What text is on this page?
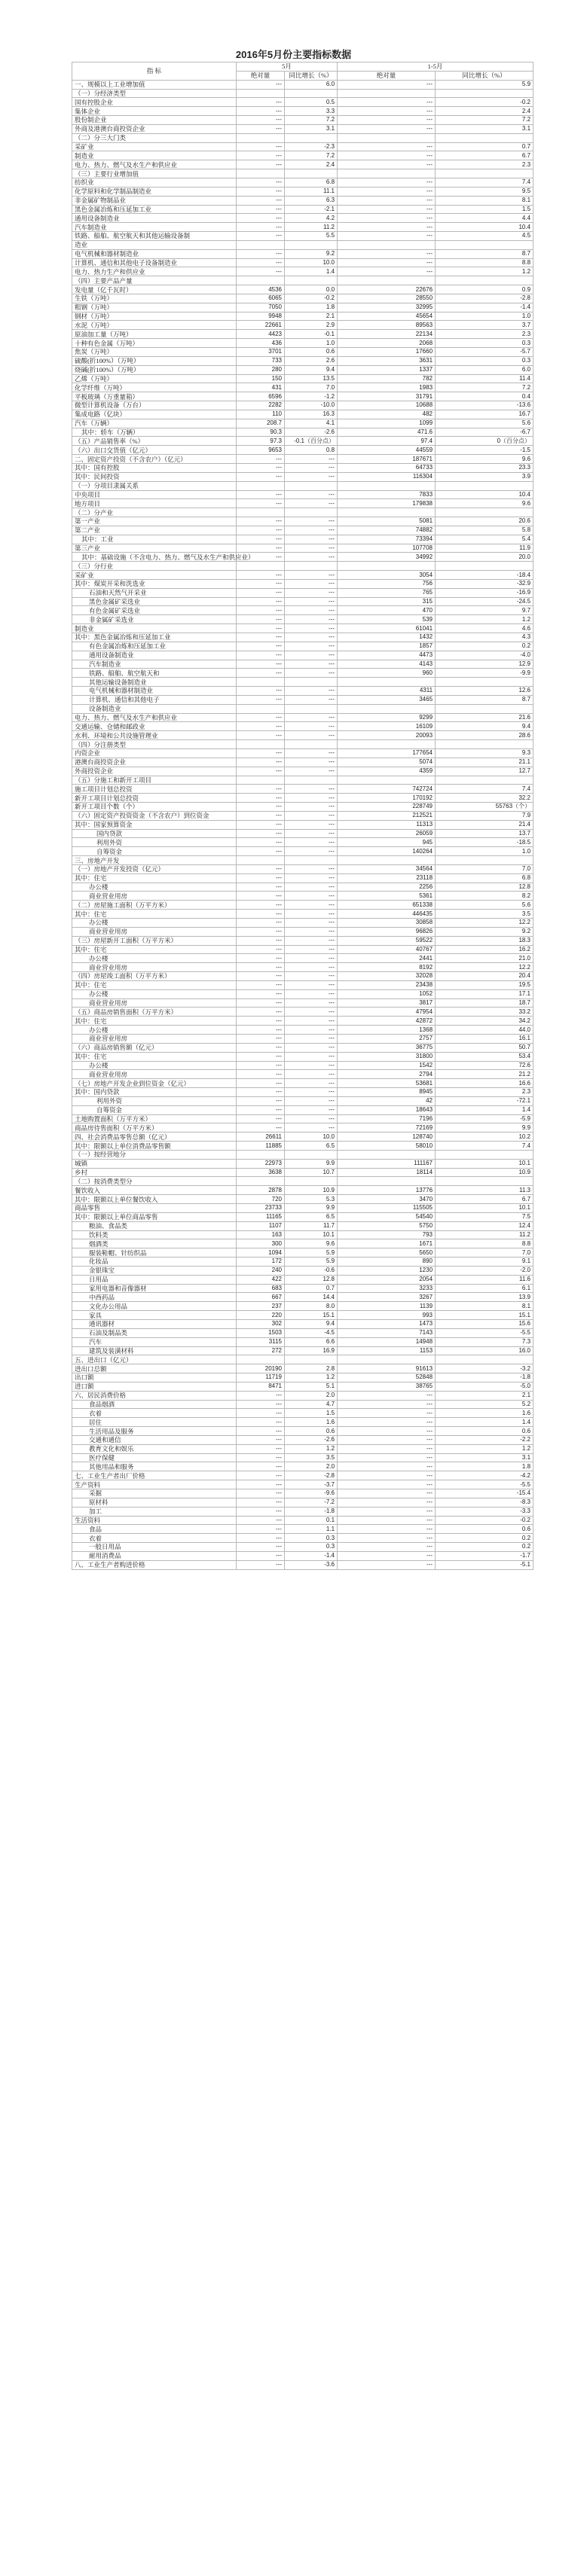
2016年5月份主要指标数据
指 标	5月		1-5月	
	绝对量	同比增长（%）	绝对量	同比增长（%）
一、规模以上工业增加值	---	6.0	---	5.9
（一）分经济类型				
国有控股企业	---	0.5	---	-0.2
集体企业	---	3.3	---	2.4
股份制企业	---	7.2	---	7.2
外商及港澳台商投资企业	---	3.1	---	3.1
（二）分三大门类				
采矿业	---	-2.3	---	0.7
制造业	---	7.2	---	6.7
电力、热力、燃气及水生产和供应业	---	2.4	---	2.3
（三）主要行业增加值				
纺织业	---	6.8	---	7.4
化学原料和化学制品制造业	---	11.1	---	9.5
非金属矿物制品业	---	6.3	---	8.1
黑色金属冶炼和压延加工业	---	-2.1	---	1.5
通用设备制造业	---	4.2	---	4.4
汽车制造业	---	11.2	---	10.4
铁路、船舶、航空航天和其他运输设备制	---	5.5	---	4.5
造业				
电气机械和器材制造业	---	9.2	---	8.7
计算机、通信和其他电子设备制造业	---	10.0	---	8.8
电力、热力生产和供应业	---	1.4	---	1.2
（四）主要产品产量				
发电量（亿千瓦时）	4536	0.0	22676	0.9
生铁（万吨）	6065	-0.2	28550	-2.8
粗钢（万吨）	7050	1.8	32995	-1.4
钢材（万吨）	9948	2.1	45654	1.0
水泥（万吨）	22661	2.9	89563	3.7
原油加工量（万吨）	4423	-0.1	22134	2.3
十种有色金属（万吨）	436	1.0	2068	0.3
焦炭（万吨）	3701	0.6	17660	-5.7
硫酸(折100%）（万吨）	733	2.6	3631	0.3
烧碱(折100%）（万吨）	280	9.4	1337	6.0
乙烯（万吨）	150	13.5	782	11.4
化学纤维（万吨）	431	7.0	1983	7.2
平板玻璃（万重量箱）	6596	-1.2	31791	0.4
微型计算机设备（万台）	2282	-10.0	10688	-13.6
集成电路（亿块）	110	16.3	482	16.7
汽车（万辆）	208.7	4.1	1099	5.6
其中：轿车（万辆）	90.3	-2.6	471.6	-6.7
（五）产品销售率（%）	97.3	-0.1（百分点）	97.4	0（百分点）
（六）出口交货值（亿元）	9653	0.8	44559	-1.5
二、固定资产投资（不含农户）（亿元）	---	---	187671	9.6
其中：国有控股	---	---	64733	23.3
其中：民间投资	---	---	116304	3.9
（一）分项目隶属关系				
中央项目	---	---	7833	10.4
地方项目	---	---	179838	9.6
（二）分产业				
第一产业	---	---	5081	20.6
第二产业	---	---	74882	5.8
其中：工业	---	---	73394	5.4
第三产业	---	---	107708	11.9
其中：基础设施（不含电力、热力、燃气及水生产和供应业）	---	---	34992	20.0
（三）分行业				
采矿业	---	---	3054	-18.4
其中：煤炭开采和洗选业	---	---	756	-32.9
石油和天然气开采业	---	---	765	-16.9
黑色金属矿采选业	---	---	315	-24.5
有色金属矿采选业	---	---	470	9.7
非金属矿采选业	---	---	539	1.2
制造业	---	---	61041	4.6
其中：黑色金属冶炼和压延加工业	---	---	1432	4.3
有色金属冶炼和压延加工业	---	---	1857	0.2
通用设备制造业	---	---	4473	-4.0
汽车制造业	---	---	4143	12.9
铁路、船舶、航空航天和	---	---	960	-9.9
其他运输设备制造业				
电气机械和器材制造业	---	---	4311	12.6
计算机、通信和其他电子	---	---	3465	8.7
设备制造业				
电力、热力、燃气及水生产和供应业	---	---	9299	21.6
交通运输、仓储和邮政业	---	---	16109	9.4
水利、环境和公共设施管理业	---	---	20093	28.6
（四）分注册类型				
内资企业	---	---	177654	9.3
港澳台商投资企业	---	---	5074	21.1
外商投资企业	---	---	4359	12.7
（五）分施工和新开工项目				
施工项目计划总投资	---	---	742724	7.4
新开工项目计划总投资	---	---	170192	32.2
新开工项目个数（个）	---	---	228749	55763（个）
（六）固定资产投资资金（不含农户）到位资金	---	---	212521	7.9
其中：国家预算资金	---	---	11313	21.4
国内贷款	---	---	26059	13.7
利用外资	---	---	945	-18.5
自筹资金	---	---	140264	1.0
三、房地产开发				
（一）房地产开发投资（亿元）	---	---	34564	7.0
其中：住宅	---	---	23118	6.8
办公楼	---	---	2256	12.8
商业营业用房	---	---	5361	8.2
（二）房屋施工面积（万平方米）	---	---	651338	5.6
其中：住宅	---	---	446435	3.5
办公楼	---	---	30858	12.2
商业营业用房	---	---	96826	9.2
（三）房屋新开工面积（万平方米）	---	---	59522	18.3
其中：住宅	---	---	40767	16.2
办公楼	---	---	2441	21.0
商业营业用房	---	---	8192	12.2
（四）房屋竣工面积（万平方米）	---	---	32028	20.4
其中：住宅	---	---	23438	19.5
办公楼	---	---	1052	17.1
商业营业用房	---	---	3817	18.7
（五）商品房销售面积（万平方米）	---	---	47954	33.2
其中：住宅	---	---	42872	34.2
办公楼	---	---	1368	44.0
商业营业用房	---	---	2757	16.1
（六）商品房销售额（亿元）	---	---	36775	50.7
其中：住宅	---	---	31800	53.4
办公楼	---	---	1542	72.6
商业营业用房	---	---	2794	21.2
（七）房地产开发企业到位资金（亿元）	---	---	53681	16.6
其中：国内贷款	---	---	8945	2.3
利用外资	---	---	42	-72.1
自筹资金	---	---	18643	1.4
土地购置面积（万平方米）	---	---	7196	-5.9
商品房待售面积（万平方米）	---	---	72169	9.9
四、社会消费品零售总额（亿元）	26611	10.0	128740	10.2
其中：限额以上单位消费品零售额	11885	6.5	58010	7.4
（一）按经营地分				
城镇	22973	9.9	111167	10.1
乡村	3638	10.7	18114	10.9
（二）按消费类型分				
餐饮收入	2878	10.9	13776	11.3
其中：限额以上单位餐饮收入	720	5.3	3470	6.7
商品零售	23733	9.9	115505	10.1
其中：限额以上单位商品零售	11165	6.5	54540	7.5
粮油、食品类	1107	11.7	5750	12.4
饮料类	163	10.1	793	11.2
烟酒类	300	9.6	1671	8.8
服装鞋帽、针纺织品	1094	5.9	5650	7.0
化妆品	172	5.9	890	9.1
金银珠宝	240	-0.6	1230	-2.0
日用品	422	12.8	2054	11.6
家用电器和音像器材	683	0.7	3233	6.1
中西药品	667	14.4	3267	13.9
文化办公用品	237	8.0	1139	8.1
家具	220	15.1	993	15.1
通讯器材	302	9.4	1473	15.6
石油及制品类	1503	-4.5	7143	-5.5
汽车	3115	6.6	14948	7.3
建筑及装潢材料	272	16.9	1153	16.0
五、进出口（亿元）				
进出口总额	20190	2.8	91613	-3.2
出口额	11719	1.2	52848	-1.8
进口额	8471	5.1	38765	-5.0
六、居民消费价格	---	2.0	---	2.1
食品烟酒	---	4.7	---	5.2
衣着	---	1.5	---	1.6
居住	---	1.6	---	1.4
生活用品及服务	---	0.6	---	0.6
交通和通信	---	-2.6	---	-2.2
教育文化和娱乐	---	1.2	---	1.2
医疗保健	---	3.5	---	3.1
其他用品和服务	---	2.0	---	1.8
七、工业生产者出厂价格	---	-2.8	---	-4.2
生产资料	---	-3.7	---	-5.5
采掘	---	-9.6	---	-15.4
原材料	---	-7.2	---	-8.3
加工	---	-1.8	---	-3.3
生活资料	---	0.1	---	-0.2
食品	---	1.1	---	0.6
衣着	---	0.3	---	0.2
一般日用品	---	0.3	---	0.2
耐用消费品	---	-1.4	---	-1.7
八、工业生产者购进价格	---	-3.6	---	-5.1
